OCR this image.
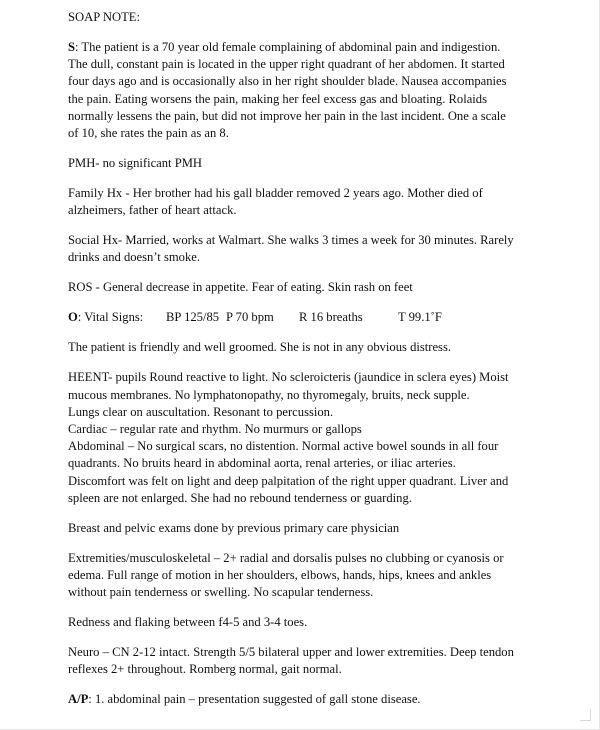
SOAP NOTE:

S: The patient is a 70 year old female complaining of abdominal pain and indigestion.
The dull, constant pain is located in the upper right quadrant of her abdomen. It started
four days ago and is occasionally also in her right shoulder blade. Nausea accompanies
the pain. Eating worsens the pain, making her feel excess gas and bloating. Rolaids
normally lessens the pain, but did not improve her pain in the last incident. One a scale
of 10, she rates the pain as an 8.

PMH- no significant PMH

Family Hx - Her brother had his gall bladder removed 2 years ago. Mother died of
alzheimers, father of heart attack.

Social Hx- Married, works at Walmart. She walks 3 times a week for 30 minutes. Rarely
drinks and doesn’t smoke.

ROS - General decrease in appetite. Fear of eating. Skin rash on feet

O: Vital Signs: BP 125/85 P 70 bpm R 16 breaths	T 99.1˚F

The patient is friendly and well groomed. She is not in any obvious distress.

HEENT- pupils Round reactive to light. No scleroicteris (jaundice in sclera eyes) Moist
mucous membranes. No lymphatonopathy, no thyromegaly, bruits, neck supple.
Lungs clear on auscultation. Resonant to percussion.
Cardiac – regular rate and rhythm. No murmurs or gallops
Abdominal – No surgical scars, no distention. Normal active bowel sounds in all four
quadrants. No bruits heard in abdominal aorta, renal arteries, or iliac arteries.
Discomfort was felt on light and deep palpitation of the right upper quadrant. Liver and
spleen are not enlarged. She had no rebound tenderness or guarding.

Breast and pelvic exams done by previous primary care physician

Extremities/musculoskeletal – 2+ radial and dorsalis pulses no clubbing or cyanosis or
edema. Full range of motion in her shoulders, elbows, hands, hips, knees and ankles
without pain tenderness or swelling. No scapular tenderness.

Redness and flaking between f4-5 and 3-4 toes.

Neuro – CN 2-12 intact. Strength 5/5 bilateral upper and lower extremities. Deep tendon
reflexes 2+ throughout. Romberg normal, gait normal.

A/P: 1. abdominal pain – presentation suggested of gall stone disease.
